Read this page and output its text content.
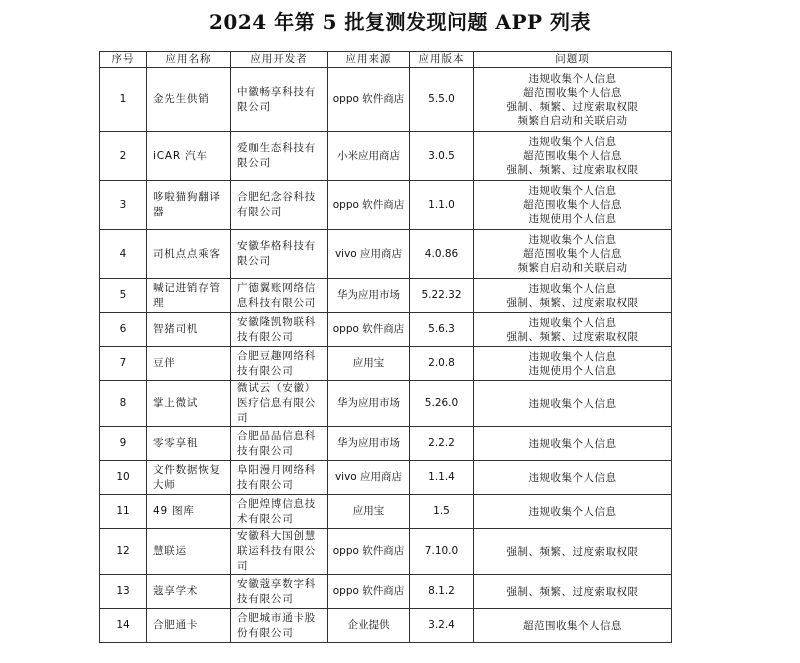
2024 年第 5 批复测发现问题 APP 列表
序号	应用名称	应用开发者	应用来源	应用版本	问题项
1	金先生供销	中徽畅享科技有限公司	oppo 软件商店	5.5.0	违规收集个人信息
超范围收集个人信息
强制、频繁、过度索取权限
频繁自启动和关联启动

2	iCAR 汽车	爱咖生态科技有限公司	小米应用商店	3.0.5	违规收集个人信息
超范围收集个人信息
强制、频繁、过度索取权限

3	哆啦猫狗翻译器	合肥纪念谷科技有限公司	oppo 软件商店	1.1.0	违规收集个人信息
超范围收集个人信息
违规使用个人信息

4	司机点点乘客	安徽华格科技有限公司	vivo 应用商店	4.0.86	违规收集个人信息
超范围收集个人信息
频繁自启动和关联启动

5	喊记进销存管理	广德翼账网络信息科技有限公司	华为应用市场	5.22.32	违规收集个人信息
强制、频繁、过度索取权限

6	智猪司机	安徽隆凯物联科技有限公司	oppo 软件商店	5.6.3	违规收集个人信息
强制、频繁、过度索取权限

7	豆伴	合肥豆趣网络科技有限公司	应用宝	2.0.8	违规收集个人信息
违规使用个人信息

8	掌上微试	微试云（安徽）医疗信息有限公司	华为应用市场	5.26.0	违规收集个人信息

9	零零享租	合肥品品信息科技有限公司	华为应用市场	2.2.2	违规收集个人信息

10	文件数据恢复大师	阜阳漫月网络科技有限公司	vivo 应用商店	1.1.4	违规收集个人信息

11	49 图库	合肥煌博信息技术有限公司	应用宝	1.5	违规收集个人信息

12	慧联运	安徽科大国创慧联运科技有限公司	oppo 软件商店	7.10.0	强制、频繁、过度索取权限

13	蔻享学术	安徽蔻享数字科技有限公司	oppo 软件商店	8.1.2	强制、频繁、过度索取权限

14	合肥通卡	合肥城市通卡股份有限公司	企业提供	3.2.4	超范围收集个人信息
